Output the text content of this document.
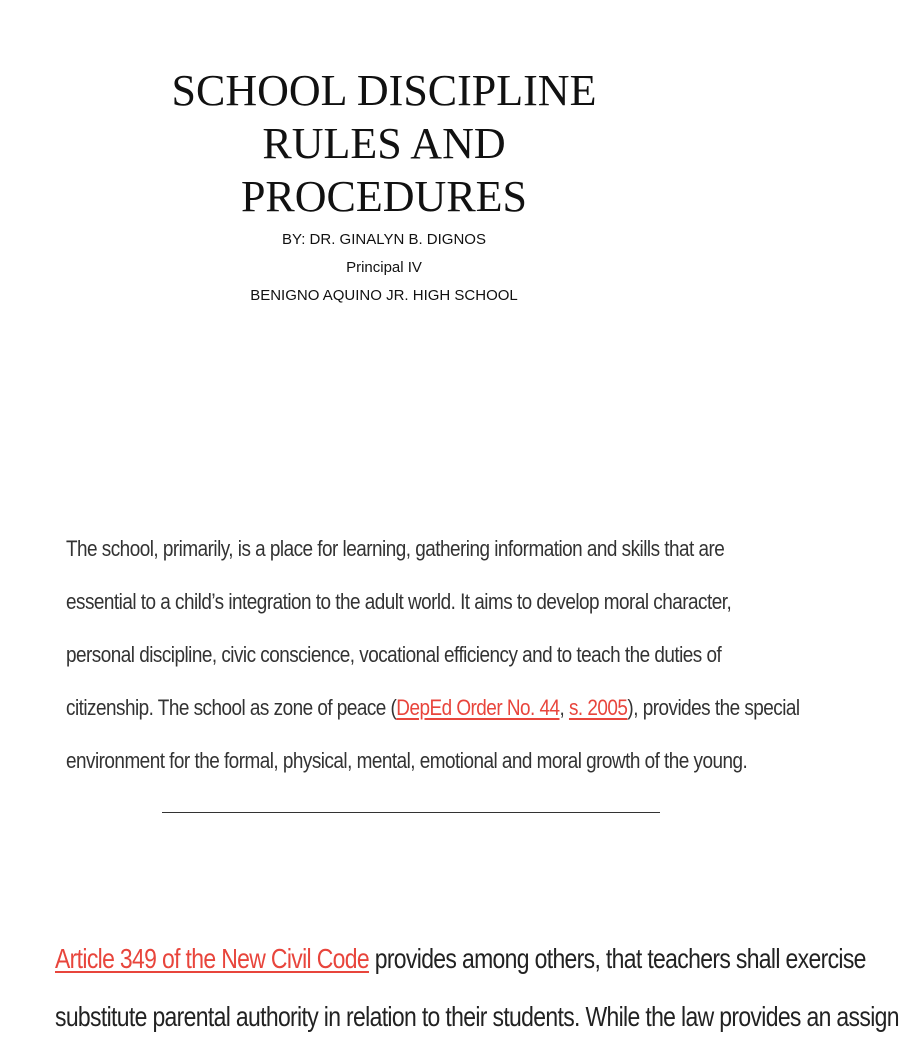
SCHOOL DISCIPLINE
RULES AND
PROCEDURES
BY: DR. GINALYN B. DIGNOS
Principal IV
BENIGNO AQUINO JR. HIGH SCHOOL
The school, primarily, is a place for learning, gathering information and skills that are
essential to a child’s integration to the adult world. It aims to develop moral character,
personal discipline, civic conscience, vocational efficiency and to teach the duties of
citizenship. The school as zone of peace (DepEd Order No. 44, s. 2005), provides the special
environment for the formal, physical, mental, emotional and moral growth of the young.
Article 349 of the New Civil Code provides among others, that teachers shall exercise
substitute parental authority in relation to their students. While the law provides an assign
